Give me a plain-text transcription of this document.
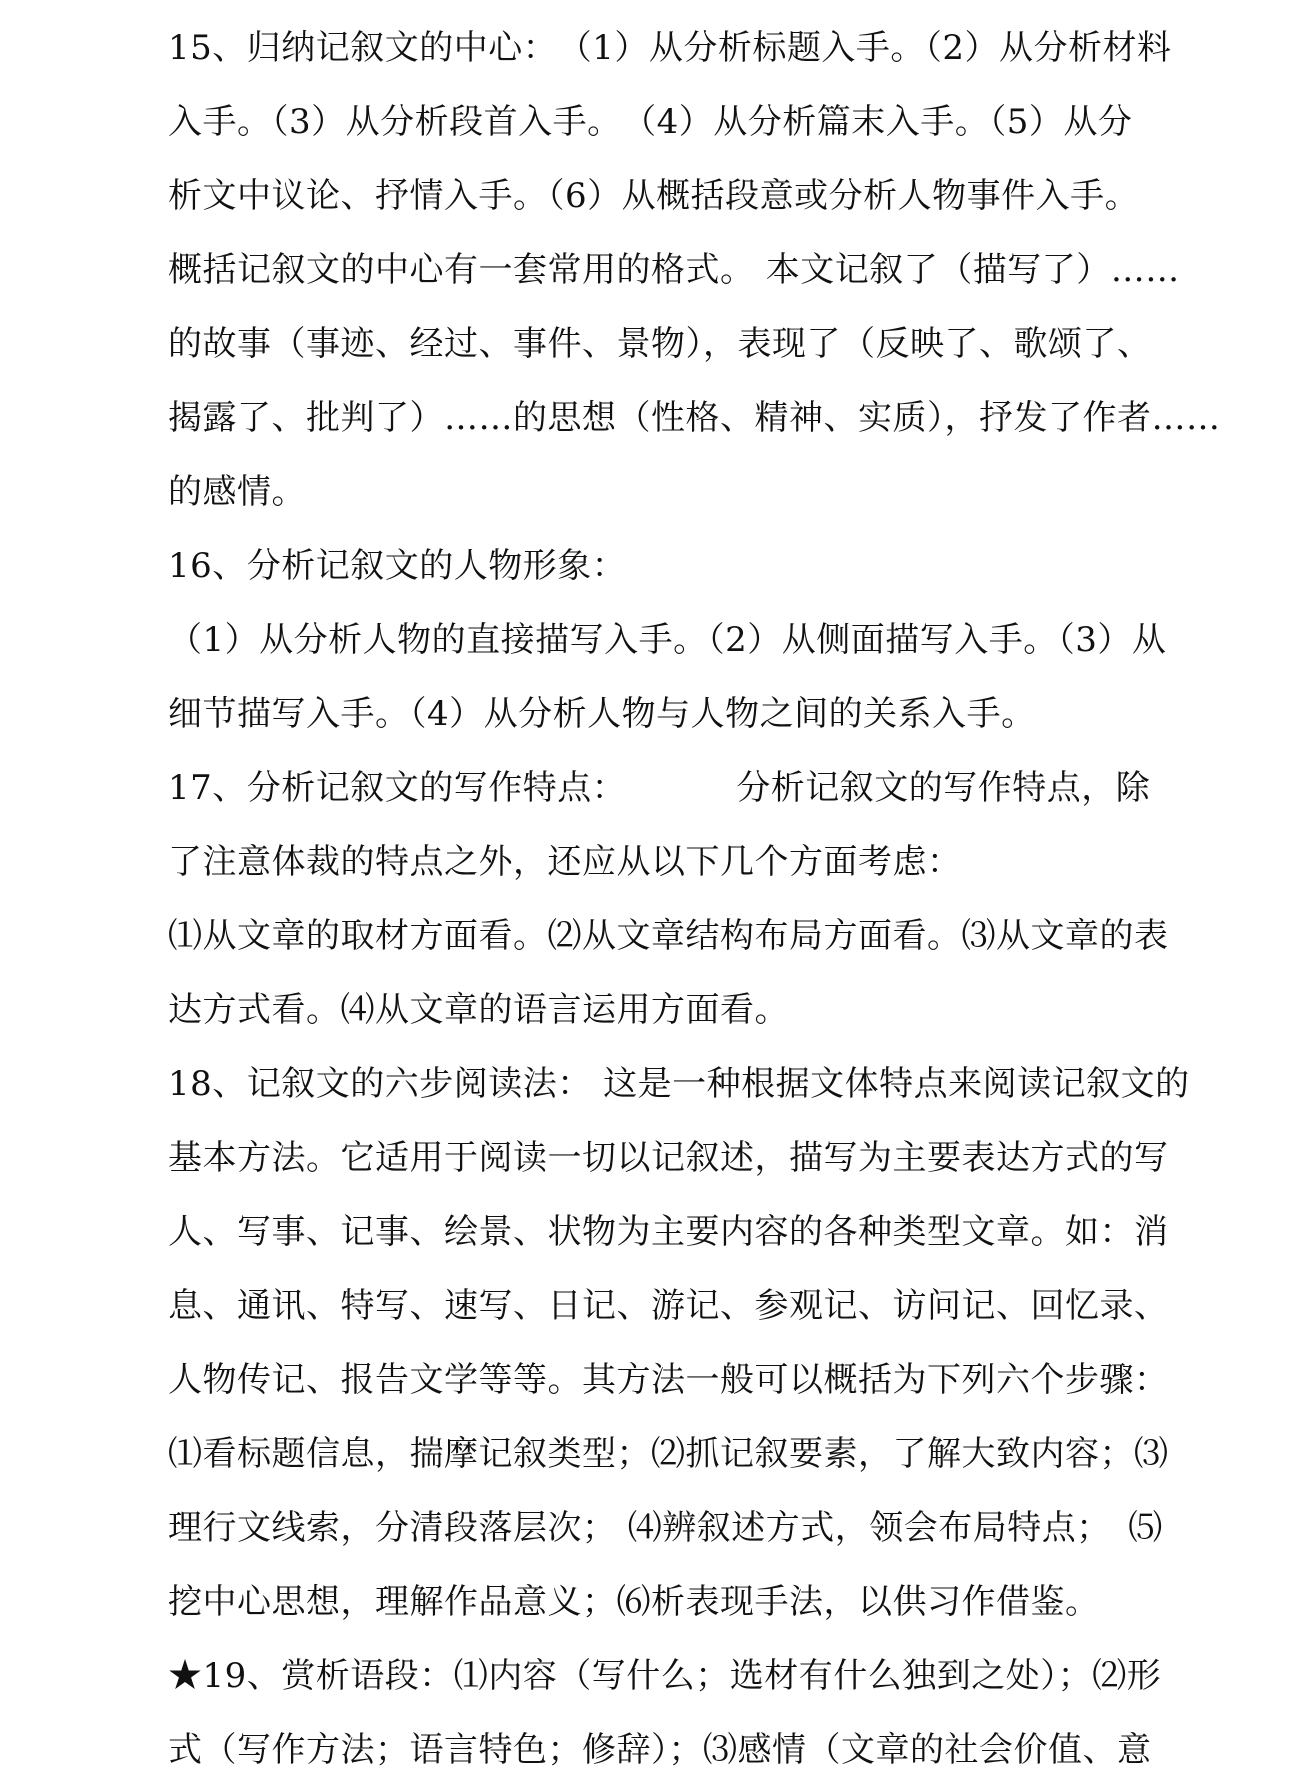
15、归纳记叙文的中心：　（1）从分析标题入手。（2）从分析材料
入手。（3）从分析段首入手。　（4）从分析篇末入手。（5）从分
析文中议论、抒情入手。（6）从概括段意或分析人物事件入手。
概括记叙文的中心有一套常用的格式。 本文记叙了（描写了）……
的故事（事迹、经过、事件、景物），表现了（反映了、歌颂了、
揭露了、批判了）……的思想（性格、精神、实质），抒发了作者……
的感情。
16、分析记叙文的人物形象：
（1）从分析人物的直接描写入手。（2）从侧面描写入手。（3）从
细节描写入手。（4）从分析人物与人物之间的关系入手。
17、分析记叙文的写作特点：	分析记叙文的写作特点，除
了注意体裁的特点之外，还应从以下几个方面考虑：
⑴从文章的取材方面看。⑵从文章结构布局方面看。⑶从文章的表
达方式看。⑷从文章的语言运用方面看。
18、记叙文的六步阅读法： 这是一种根据文体特点来阅读记叙文的
基本方法。它适用于阅读一切以记叙述，描写为主要表达方式的写
人、写事、记事、绘景、状物为主要内容的各种类型文章。如：消
息、通讯、特写、速写、日记、游记、参观记、访问记、回忆录、
人物传记、报告文学等等。其方法一般可以概括为下列六个步骤：
⑴看标题信息，揣摩记叙类型；⑵抓记叙要素，了解大致内容；⑶
理行文线索，分清段落层次； ⑷辨叙述方式，领会布局特点；　⑸
挖中心思想，理解作品意义；⑹析表现手法，以供习作借鉴。
★19、赏析语段：⑴内容（写什么；选材有什么独到之处）；⑵形
式（写作方法；语言特色；修辞）；⑶感情（文章的社会价值、意
